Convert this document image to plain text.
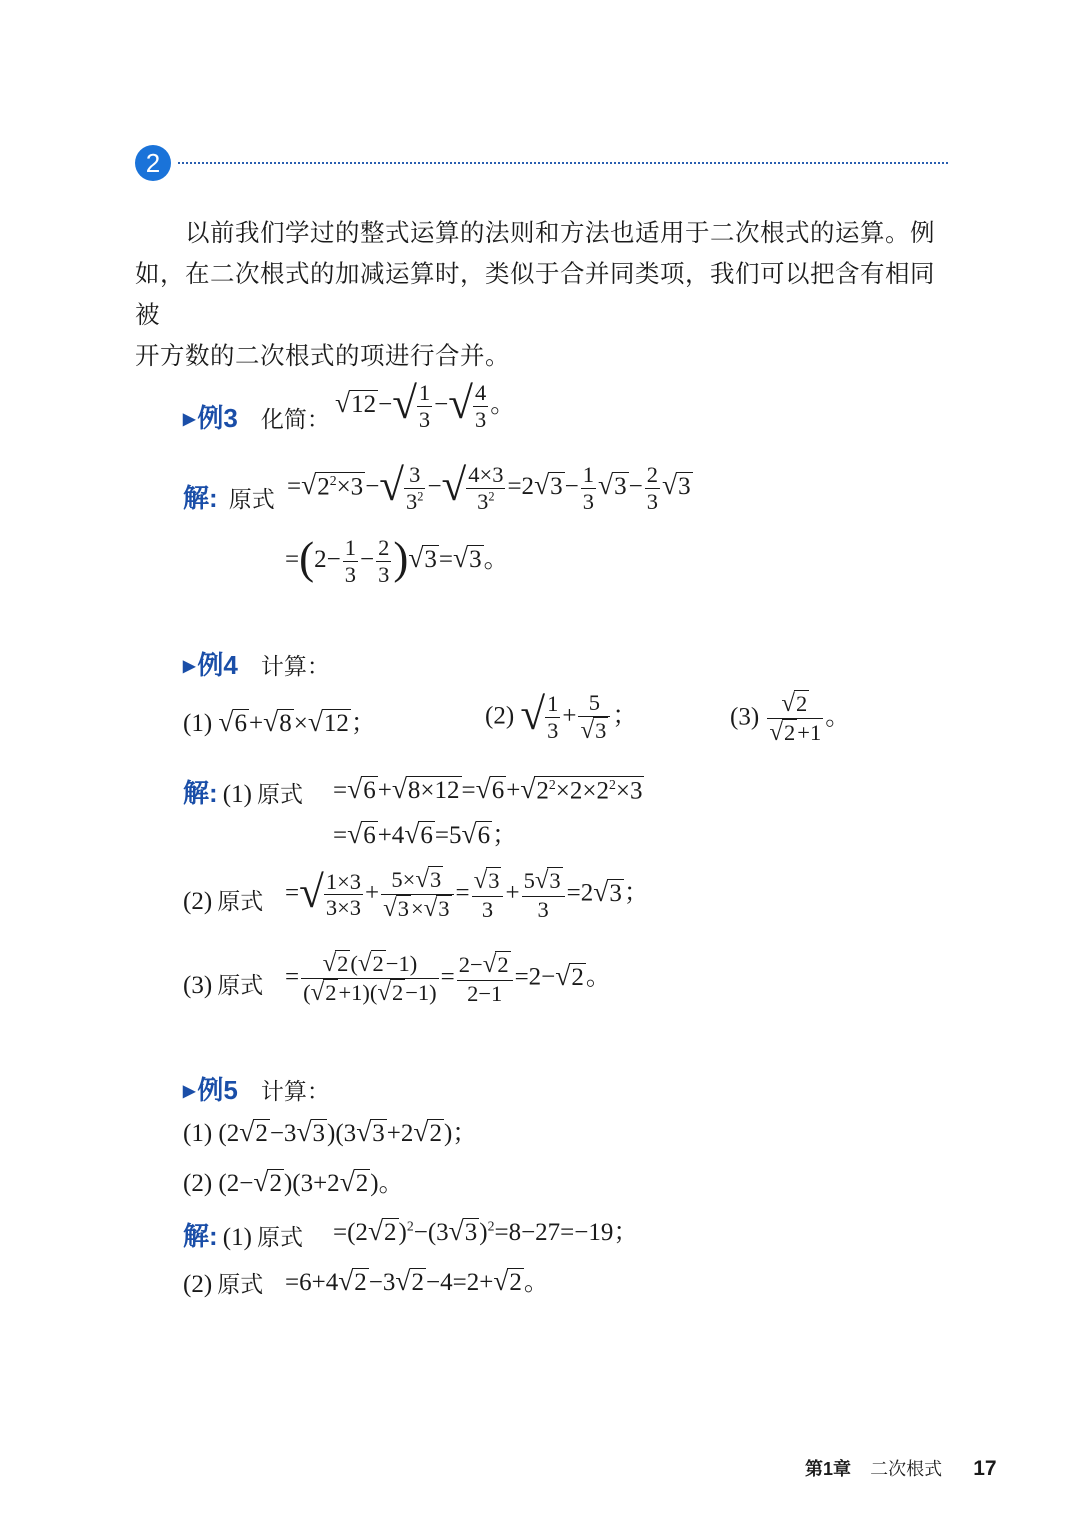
2

以前我们学过的整式运算的法则和方法也适用于二次根式的运算。例

如，在二次根式的加减运算时，类似于合并同类项，我们可以把含有相同被

开方数的二次根式的项进行合并。

▶例3 化简：
$√12-√ \frac{1}{3}$ −√ $\frac{4}{3}$ 。
解: 原式 $=√2^2\times 3-√ \frac{3}{3^2}$ −√ $\frac{4\times 3}{3^2} =2√3- \frac{1}{3} √3- \frac{2}{3} √3$
$=(2- \frac{1}{3} - \frac{2}{3} )√3=√3$。
▶例4 计算：
(1) √6+√8×√12；	(2) √ $\frac{1}{3} + \frac{5}{√3}$ ；	$(3) \frac{√2}{√2+1}$ 。
解: (1) 原式 $=√6+√8\times 12=√6+√2^2\times 2\times 2^2\times 3$
=√6+4√6=5√6；
(2) 原式 =√ $\frac{1\times 3}{3\times 3} + \frac{5\times√3}{√3\times√3} = \frac{√3}{3} + \frac{5√3}{3} =2√3$；
(3) 原式 = $\frac{√2(√2-1)}{(√2+1)(√2-1)} = \frac{2-√2}{2-1} =2-√2$。
▶例5 计算：
(1) (2√2−3√3)(3√3+2√2)；
(2) (2−√2)(3+2√2)。
解: (1) 原式 $=(2√2)^2-(3√3)^2=8-27=-19$；
(2) 原式 =6+4√2−3√2−4=2+√2。
第1章 二次根式 17
